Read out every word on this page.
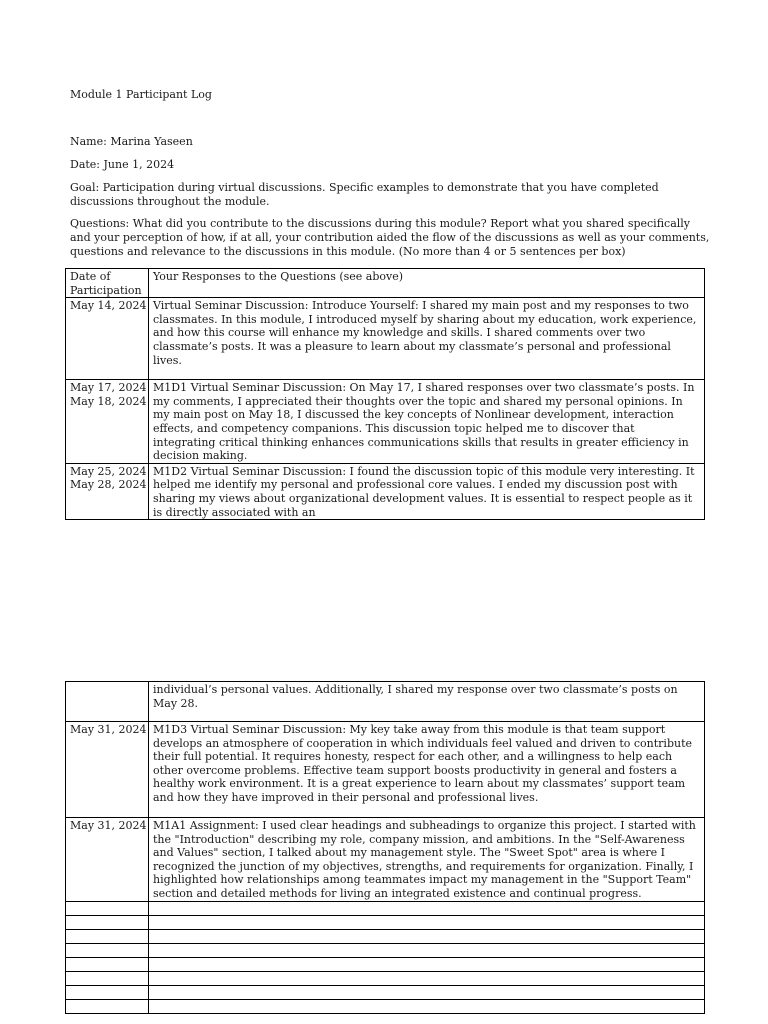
Module 1 Participant Log

Name: Marina Yaseen

Date: June 1, 2024

Goal: Participation during virtual discussions. Specific examples to demonstrate that you have completed discussions throughout the module.

Questions: What did you contribute to the discussions during this module? Report what you shared specifically and your perception of how, if at all, your contribution aided the flow of the discussions as well as your comments, questions and relevance to the discussions in this module. (No more than 4 or 5 sentences per box)

Date of Participation	Your Responses to the Questions (see above)

May 14, 2024	Virtual Seminar Discussion: Introduce Yourself: I shared my main post and my responses to two classmates. In this module, I introduced myself by sharing about my education, work experience, and how this course will enhance my knowledge and skills. I shared comments over two classmate’s posts. It was a pleasure to learn about my classmate’s personal and professional lives.

May 17, 2024
May 18, 2024	M1D1 Virtual Seminar Discussion: On May 17, I shared responses over two classmate’s posts. In my comments, I appreciated their thoughts over the topic and shared my personal opinions. In my main post on May 18, I discussed the key concepts of Nonlinear development, interaction effects, and competency companions. This discussion topic helped me to discover that integrating critical thinking enhances communications skills that results in greater efficiency in decision making.

May 25, 2024
May 28, 2024	M1D2 Virtual Seminar Discussion: I found the discussion topic of this module very interesting. It helped me identify my personal and professional core values. I ended my discussion post with sharing my views about organizational development values. It is essential to respect people as it is directly associated with an

	individual’s personal values. Additionally, I shared my response over two classmate’s posts on May 28.

May 31, 2024	M1D3 Virtual Seminar Discussion: My key take away from this module is that team support develops an atmosphere of cooperation in which individuals feel valued and driven to contribute their full potential. It requires honesty, respect for each other, and a willingness to help each other overcome problems. Effective team support boosts productivity in general and fosters a healthy work environment. It is a great experience to learn about my classmates’ support team and how they have improved in their personal and professional lives.

May 31, 2024	M1A1 Assignment: I used clear headings and subheadings to organize this project. I started with the "Introduction" describing my role, company mission, and ambitions. In the "Self-Awareness and Values" section, I talked about my management style. The "Sweet Spot" area is where I recognized the junction of my objectives, strengths, and requirements for organization. Finally, I highlighted how relationships among teammates impact my management in the "Support Team" section and detailed methods for living an integrated existence and continual progress.
